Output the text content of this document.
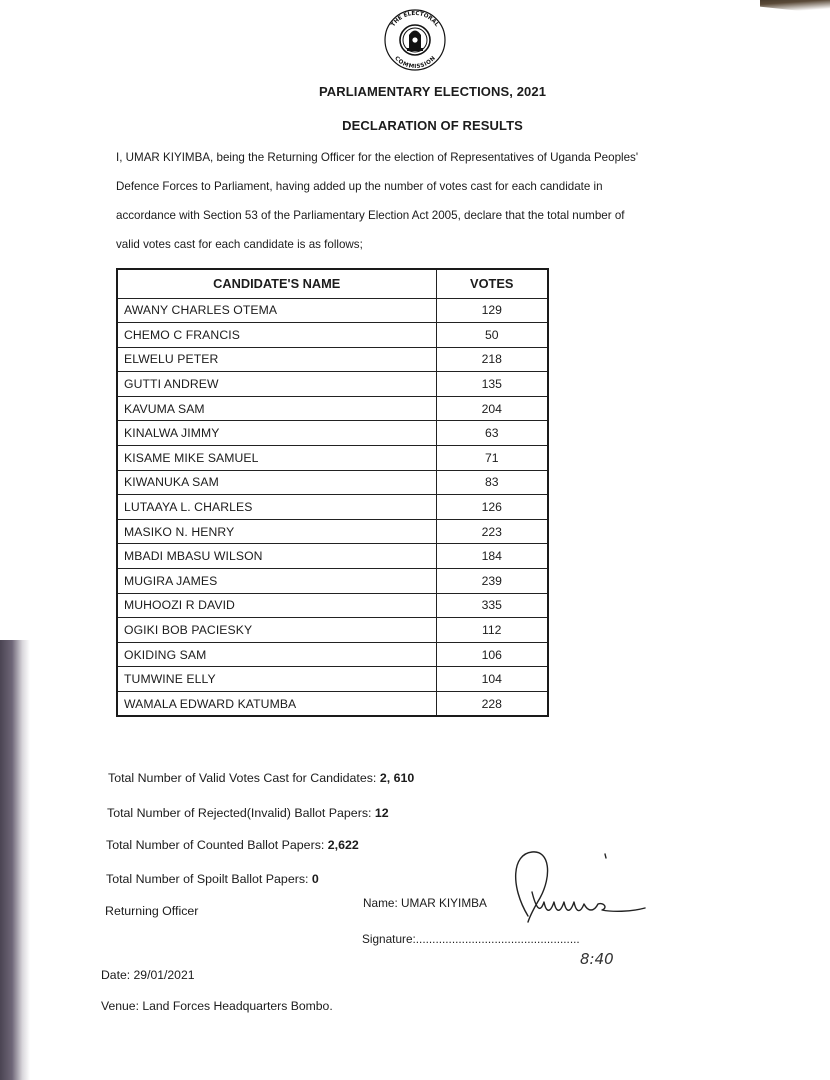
THE ELECTORAL
COMMISSION
PARLIAMENTARY ELECTIONS, 2021
DECLARATION OF RESULTS
I, UMAR KIYIMBA, being the Returning Officer for the election of Representatives of Uganda Peoples'
Defence Forces to Parliament, having added up the number of votes cast for each candidate in
accordance with Section 53 of the Parliamentary Election Act 2005, declare that the total number of
valid votes cast for each candidate is as follows;
CANDIDATE'S NAME	VOTES
AWANY CHARLES OTEMA	129
CHEMO C FRANCIS	50
ELWELU PETER	218
GUTTI ANDREW	135
KAVUMA SAM	204
KINALWA JIMMY	63
KISAME MIKE SAMUEL	71
KIWANUKA SAM	83
LUTAAYA L. CHARLES	126
MASIKO N. HENRY	223
MBADI MBASU WILSON	184
MUGIRA JAMES	239
MUHOOZI R DAVID	335
OGIKI BOB PACIESKY	112
OKIDING SAM	106
TUMWINE ELLY	104
WAMALA EDWARD KATUMBA	228
Total Number of Valid Votes Cast for Candidates: 2, 610
Total Number of Rejected(Invalid) Ballot Papers: 12
Total Number of Counted Ballot Papers: 2,622
Total Number of Spoilt Ballot Papers: 0
Returning Officer
Name: UMAR KIYIMBA
Signature:..................................................
8:40
Date: 29/01/2021
Venue: Land Forces Headquarters Bombo.
